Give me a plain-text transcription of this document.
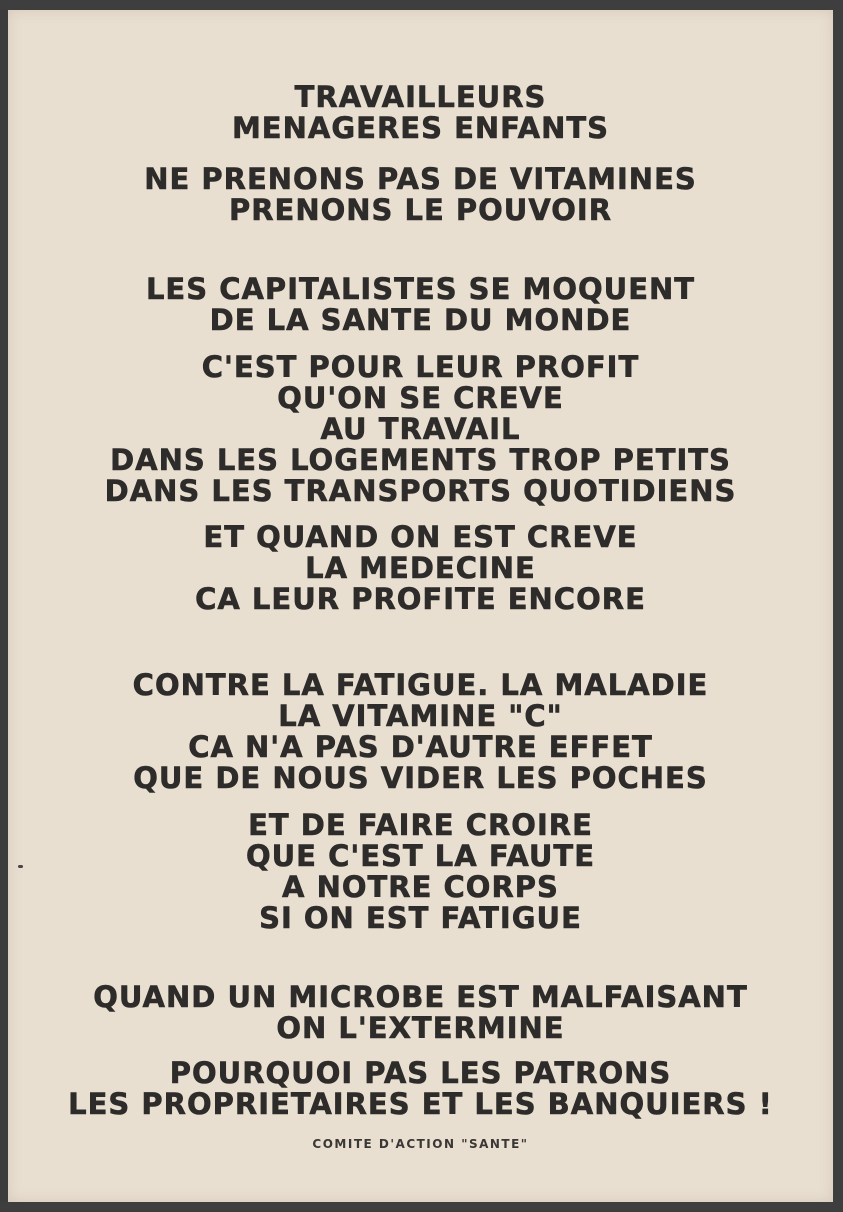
TRAVAILLEURS
MENAGERES ENFANTS
NE PRENONS PAS DE VITAMINES
PRENONS LE POUVOIR
LES CAPITALISTES SE MOQUENT
DE LA SANTE DU MONDE
C'EST POUR LEUR PROFIT
QU'ON SE CREVE
AU TRAVAIL
DANS LES LOGEMENTS TROP PETITS
DANS LES TRANSPORTS QUOTIDIENS
ET QUAND ON EST CREVE
LA MEDECINE
CA LEUR PROFITE ENCORE
CONTRE LA FATIGUE. LA MALADIE
LA VITAMINE "C"
CA N'A PAS D'AUTRE EFFET
QUE DE NOUS VIDER LES POCHES
ET DE FAIRE CROIRE
QUE C'EST LA FAUTE
A NOTRE CORPS
SI ON EST FATIGUE
QUAND UN MICROBE EST MALFAISANT
ON L'EXTERMINE
POURQUOI PAS LES PATRONS
LES PROPRIETAIRES ET LES BANQUIERS !
COMITE D'ACTION "SANTE"
